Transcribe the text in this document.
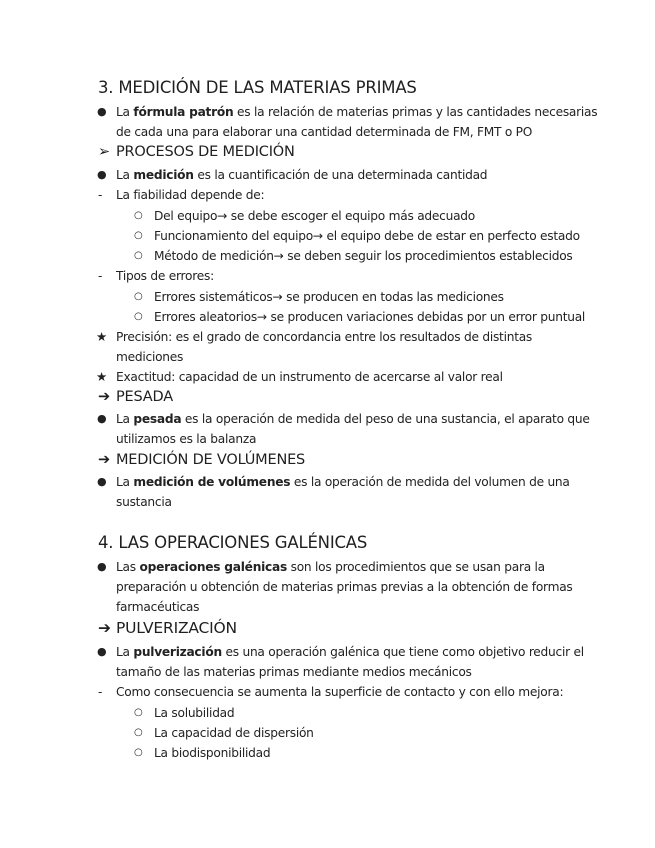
3. MEDICIÓN DE LAS MATERIAS PRIMAS
● La fórmula patrón es la relación de materias primas y las cantidades necesarias
de cada una para elaborar una cantidad determinada de FM, FMT o PO
➢ PROCESOS DE MEDICIÓN
● La medición es la cuantificación de una determinada cantidad
- La fiabilidad depende de:
○ Del equipo→ se debe escoger el equipo más adecuado
○ Funcionamiento del equipo→ el equipo debe de estar en perfecto estado
○ Método de medición→ se deben seguir los procedimientos establecidos
- Tipos de errores:
○ Errores sistemáticos→ se producen en todas las mediciones
○ Errores aleatorios→ se producen variaciones debidas por un error puntual
★ Precisión: es el grado de concordancia entre los resultados de distintas
mediciones
★ Exactitud: capacidad de un instrumento de acercarse al valor real
➔ PESADA
● La pesada es la operación de medida del peso de una sustancia, el aparato que
utilizamos es la balanza
➔ MEDICIÓN DE VOLÚMENES
● La medición de volúmenes es la operación de medida del volumen de una
sustancia
4. LAS OPERACIONES GALÉNICAS
● Las operaciones galénicas son los procedimientos que se usan para la
preparación u obtención de materias primas previas a la obtención de formas
farmacéuticas
➔ PULVERIZACIÓN
● La pulverización es una operación galénica que tiene como objetivo reducir el
tamaño de las materias primas mediante medios mecánicos
- Como consecuencia se aumenta la superficie de contacto y con ello mejora:
○ La solubilidad
○ La capacidad de dispersión
○ La biodisponibilidad
